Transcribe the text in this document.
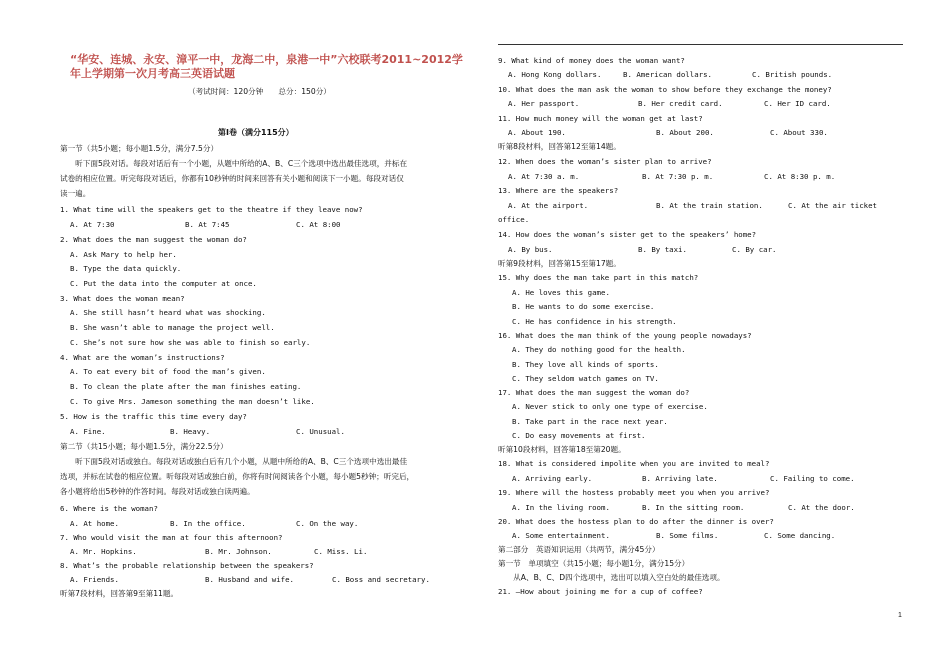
“华安、连城、永安、漳平一中，龙海二中，泉港一中”六校联考2011~2012学
年上学期第一次月考高三英语试题
（考试时间：120分钟　　总分：150分）
第Ⅰ卷（满分115分）
第一节（共5小题；每小题1.5分，满分7.5分）
　　听下面5段对话。每段对话后有一个小题，从题中所给的A、B、C三个选项中选出最佳选项，并标在
试卷的相应位置。听完每段对话后，你都有10秒钟的时间来回答有关小题和阅读下一小题。每段对话仅
读一遍。
1. What time will the speakers get to the theatre if they leave now?
A. At 7:30	B. At 7:45	C. At 8:00
2. What does the man suggest the woman do?
A. Ask Mary to help her.
B. Type the data quickly.
C. Put the data into the computer at once.
3. What does the woman mean?
A. She still hasn’t heard what was shocking.
B. She wasn’t able to manage the project well.
C. She’s not sure how she was able to finish so early.
4. What are the woman’s instructions?
A. To eat every bit of food the man’s given.
B. To clean the plate after the man finishes eating.
C. To give Mrs. Jameson something the man doesn’t like.
5. How is the traffic this time every day?
A. Fine.	B. Heavy.	C. Unusual.
第二节（共15小题；每小题1.5分，满分22.5分）
　　听下面5段对话或独白。每段对话或独白后有几个小题，从题中所给的A、B、C三个选项中选出最佳
选项，并标在试卷的相应位置。听每段对话或独白前，你将有时间阅读各个小题，每小题5秒钟；听完后，
各小题将给出5秒钟的作答时间。每段对话或独白读两遍。
6. Where is the woman?
A. At home.	B. In the office.	C. On the way.
7. Who would visit the man at four this afternoon?
A. Mr. Hopkins.	B. Mr. Johnson.	C. Miss. Li.
8. What’s the probable relationship between the speakers?
A. Friends.	B. Husband and wife.	C. Boss and secretary.
听第7段材料，回答第9至第11题。
9. What kind of money does the woman want?
A. Hong Kong dollars.	B. American dollars.	C. British pounds.
10. What does the man ask the woman to show before they exchange the money?
A. Her passport.	B. Her credit card.	C. Her ID card.
11. How much money will the woman get at last?
A. About 190.	B. About 200.	C. About 330.
听第8段材料，回答第12至第14题。
12. When does the woman’s sister plan to arrive?
A. At 7:30 a. m.	B. At 7:30 p. m.	C. At 8:30 p. m.
13. Where are the speakers?
A. At the airport.	B. At the train station.	C. At the air ticket
office.
14. How does the woman’s sister get to the speakers’ home?
A. By bus.	B. By taxi.	C. By car.
听第9段材料，回答第15至第17题。
15. Why does the man take part in this match?
A. He loves this game.
B. He wants to do some exercise.
C. He has confidence in his strength.
16. What does the man think of the young people nowadays?
A. They do nothing good for the health.
B. They love all kinds of sports.
C. They seldom watch games on TV.
17. What does the man suggest the woman do?
A. Never stick to only one type of exercise.
B. Take part in the race next year.
C. Do easy movements at first.
听第10段材料，回答第18至第20题。
18. What is considered impolite when you are invited to meal?
A. Arriving early.	B. Arriving late.	C. Failing to come.
19. Where will the hostess probably meet you when you arrive?
A. In the living room.	B. In the sitting room.	C. At the door.
20. What does the hostess plan to do after the dinner is over?
A. Some entertainment.	B. Some films.	C. Some dancing.
第二部分　英语知识运用（共两节，满分45分）
第一节　单项填空（共15小题；每小题1分，满分15分）
　　从A、B、C、D四个选项中，选出可以填入空白处的最佳选项。
21. —How about joining me for a cup of coffee?
1
